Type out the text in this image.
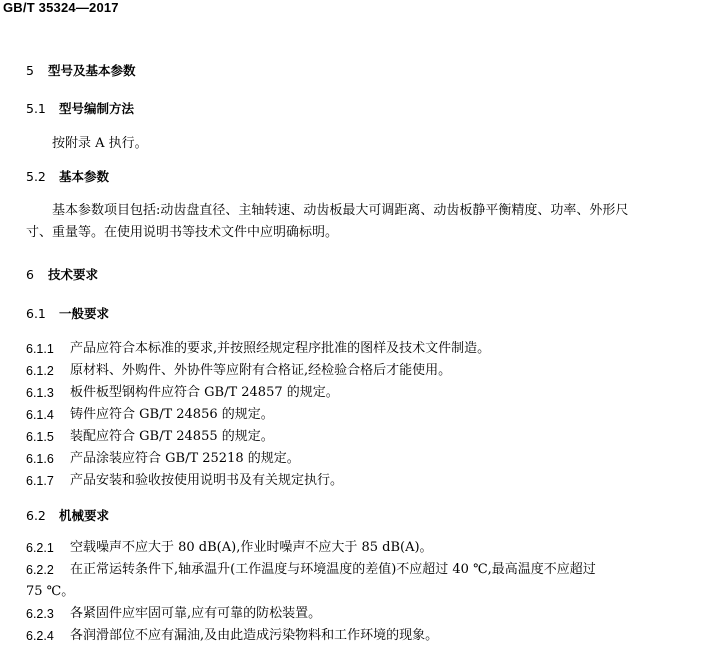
GB/T 35324—2017
5 型号及基本参数
5.1 型号编制方法
按附录 A 执行。
5.2 基本参数
基本参数项目包括:动齿盘直径、主轴转速、动齿板最大可调距离、动齿板静平衡精度、功率、外形尺
寸、重量等。在使用说明书等技术文件中应明确标明。
6 技术要求
6.1 一般要求
6.1.1 产品应符合本标准的要求,并按照经规定程序批准的图样及技术文件制造。
6.1.2 原材料、外购件、外协件等应附有合格证,经检验合格后才能使用。
6.1.3 板件板型钢构件应符合 GB/T 24857 的规定。
6.1.4 铸件应符合 GB/T 24856 的规定。
6.1.5 装配应符合 GB/T 24855 的规定。
6.1.6 产品涂装应符合 GB/T 25218 的规定。
6.1.7 产品安装和验收按使用说明书及有关规定执行。
6.2 机械要求
6.2.1 空载噪声不应大于 80 dB(A),作业时噪声不应大于 85 dB(A)。
6.2.2 在正常运转条件下,轴承温升(工作温度与环境温度的差值)不应超过 40 ℃,最高温度不应超过
75 ℃。
6.2.3 各紧固件应牢固可靠,应有可靠的防松装置。
6.2.4 各润滑部位不应有漏油,及由此造成污染物料和工作环境的现象。
